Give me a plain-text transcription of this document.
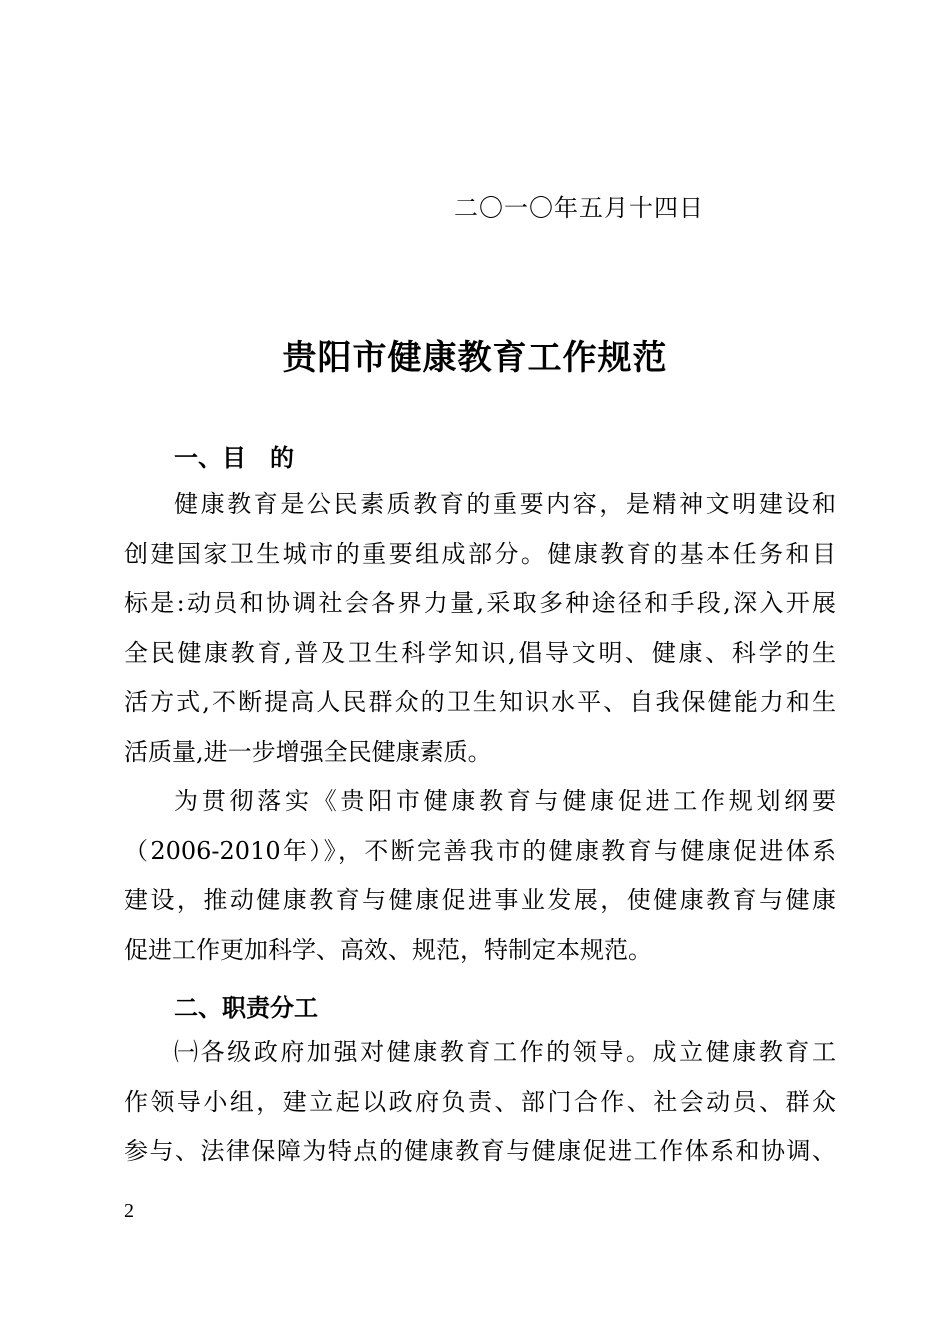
二〇一〇年五月十四日
贵阳市健康教育工作规范
一、目　的
健康教育是公民素质教育的重要内容，是精神文明建设和
创建国家卫生城市的重要组成部分。健康教育的基本任务和目
标是:动员和协调社会各界力量,采取多种途径和手段,深入开展
全民健康教育,普及卫生科学知识,倡导文明、健康、科学的生
活方式,不断提高人民群众的卫生知识水平、自我保健能力和生
活质量,进一步增强全民健康素质。
为贯彻落实《贵阳市健康教育与健康促进工作规划纲要
（2006-2010年）》，不断完善我市的健康教育与健康促进体系
建设，推动健康教育与健康促进事业发展，使健康教育与健康
促进工作更加科学、高效、规范，特制定本规范。
二、职责分工
㈠各级政府加强对健康教育工作的领导。成立健康教育工
作领导小组，建立起以政府负责、部门合作、社会动员、群众
参与、法律保障为特点的健康教育与健康促进工作体系和协调、
2
